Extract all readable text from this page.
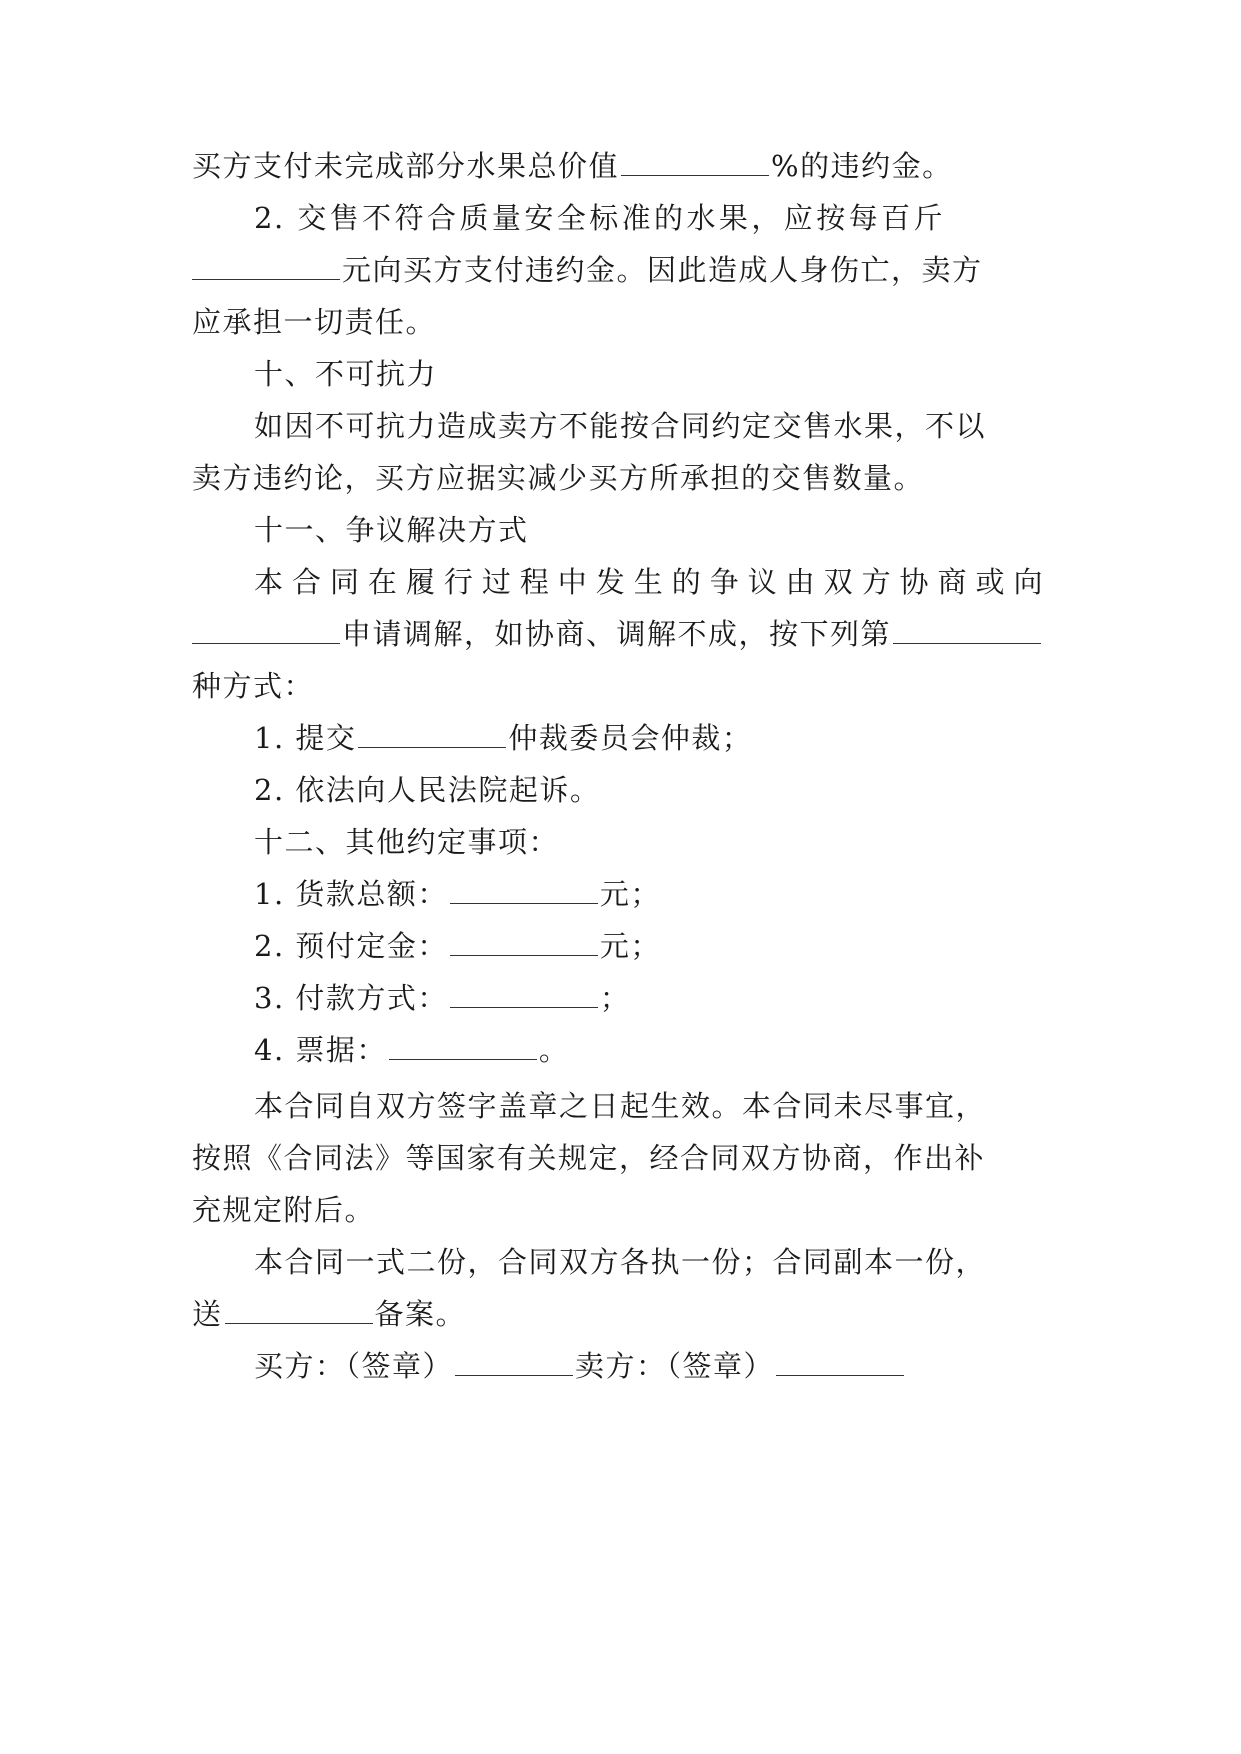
买方支付未完成部分水果总价值	%的违约金。
2. 交售不符合质量安全标准的水果，应按每百斤
元向买方支付违约金。因此造成人身伤亡，卖方
应承担一切责任。
十、不可抗力
如因不可抗力造成卖方不能按合同约定交售水果，不以
卖方违约论，买方应据实减少买方所承担的交售数量。
十一、争议解决方式
本合同在履行过程中发生的争议由双方协商或向
申请调解，如协商、调解不成，按下列第
种方式：
1. 提交	仲裁委员会仲裁；
2. 依法向人民法院起诉。
十二、其他约定事项：
1. 货款总额：	元；
2. 预付定金：	元；
3. 付款方式：	；
4. 票据：	。
本合同自双方签字盖章之日起生效。本合同未尽事宜，
按照《合同法》等国家有关规定，经合同双方协商，作出补
充规定附后。
本合同一式二份，合同双方各执一份；合同副本一份，
送	备案。
买方：（签章）	卖方：（签章）
